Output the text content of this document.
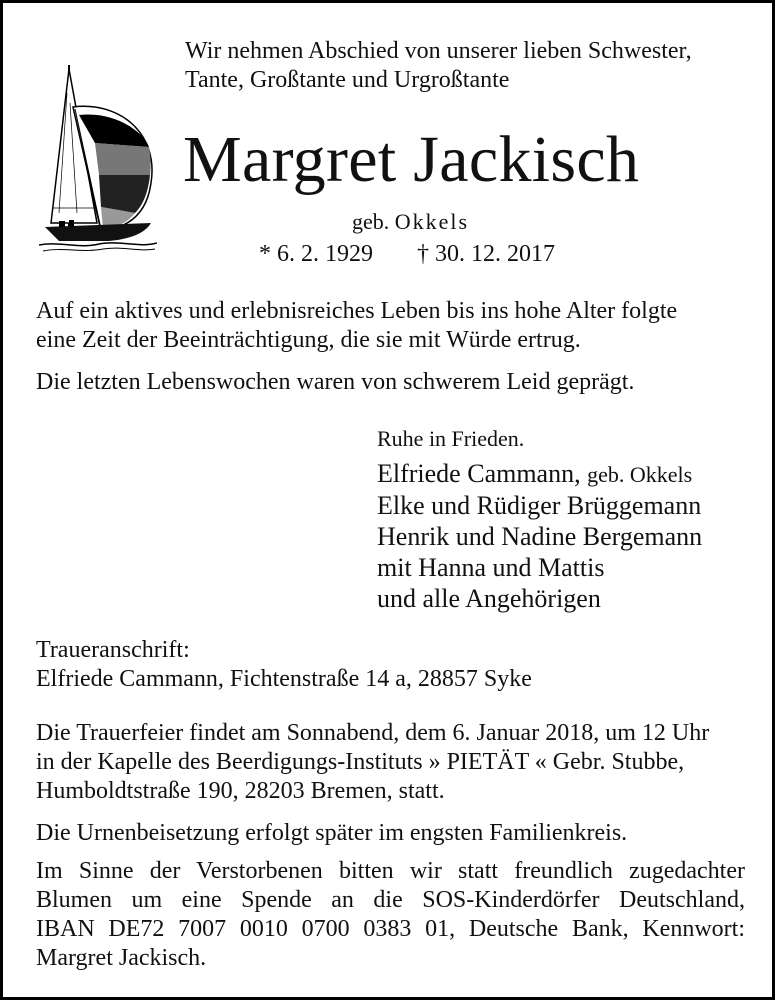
Wir nehmen Abschied von unserer lieben Schwester,
Tante, Großtante und Urgroßtante
Margret Jackisch
geb. Okkels
* 6. 2. 1929 † 30. 12. 2017
Auf ein aktives und erlebnisreiches Leben bis ins hohe Alter folgte
eine Zeit der Beeinträchtigung, die sie mit Würde ertrug.
Die letzten Lebenswochen waren von schwerem Leid geprägt.
Ruhe in Frieden.
Elfriede Cammann, geb. Okkels
Elke und Rüdiger Brüggemann
Henrik und Nadine Bergemann
mit Hanna und Mattis
und alle Angehörigen
Traueranschrift:
Elfriede Cammann, Fichtenstraße 14 a, 28857 Syke
Die Trauerfeier findet am Sonnabend, dem 6. Januar 2018, um 12 Uhr
in der Kapelle des Beerdigungs-Instituts » PIETÄT « Gebr. Stubbe,
Humboldtstraße 190, 28203 Bremen, statt.
Die Urnenbeisetzung erfolgt später im engsten Familienkreis.
Im Sinne der Verstorbenen bitten wir statt freundlich zugedachter
Blumen um eine Spende an die SOS-Kinderdörfer Deutschland,
IBAN DE72 7007 0010 0700 0383 01, Deutsche Bank, Kennwort:
Margret Jackisch.
